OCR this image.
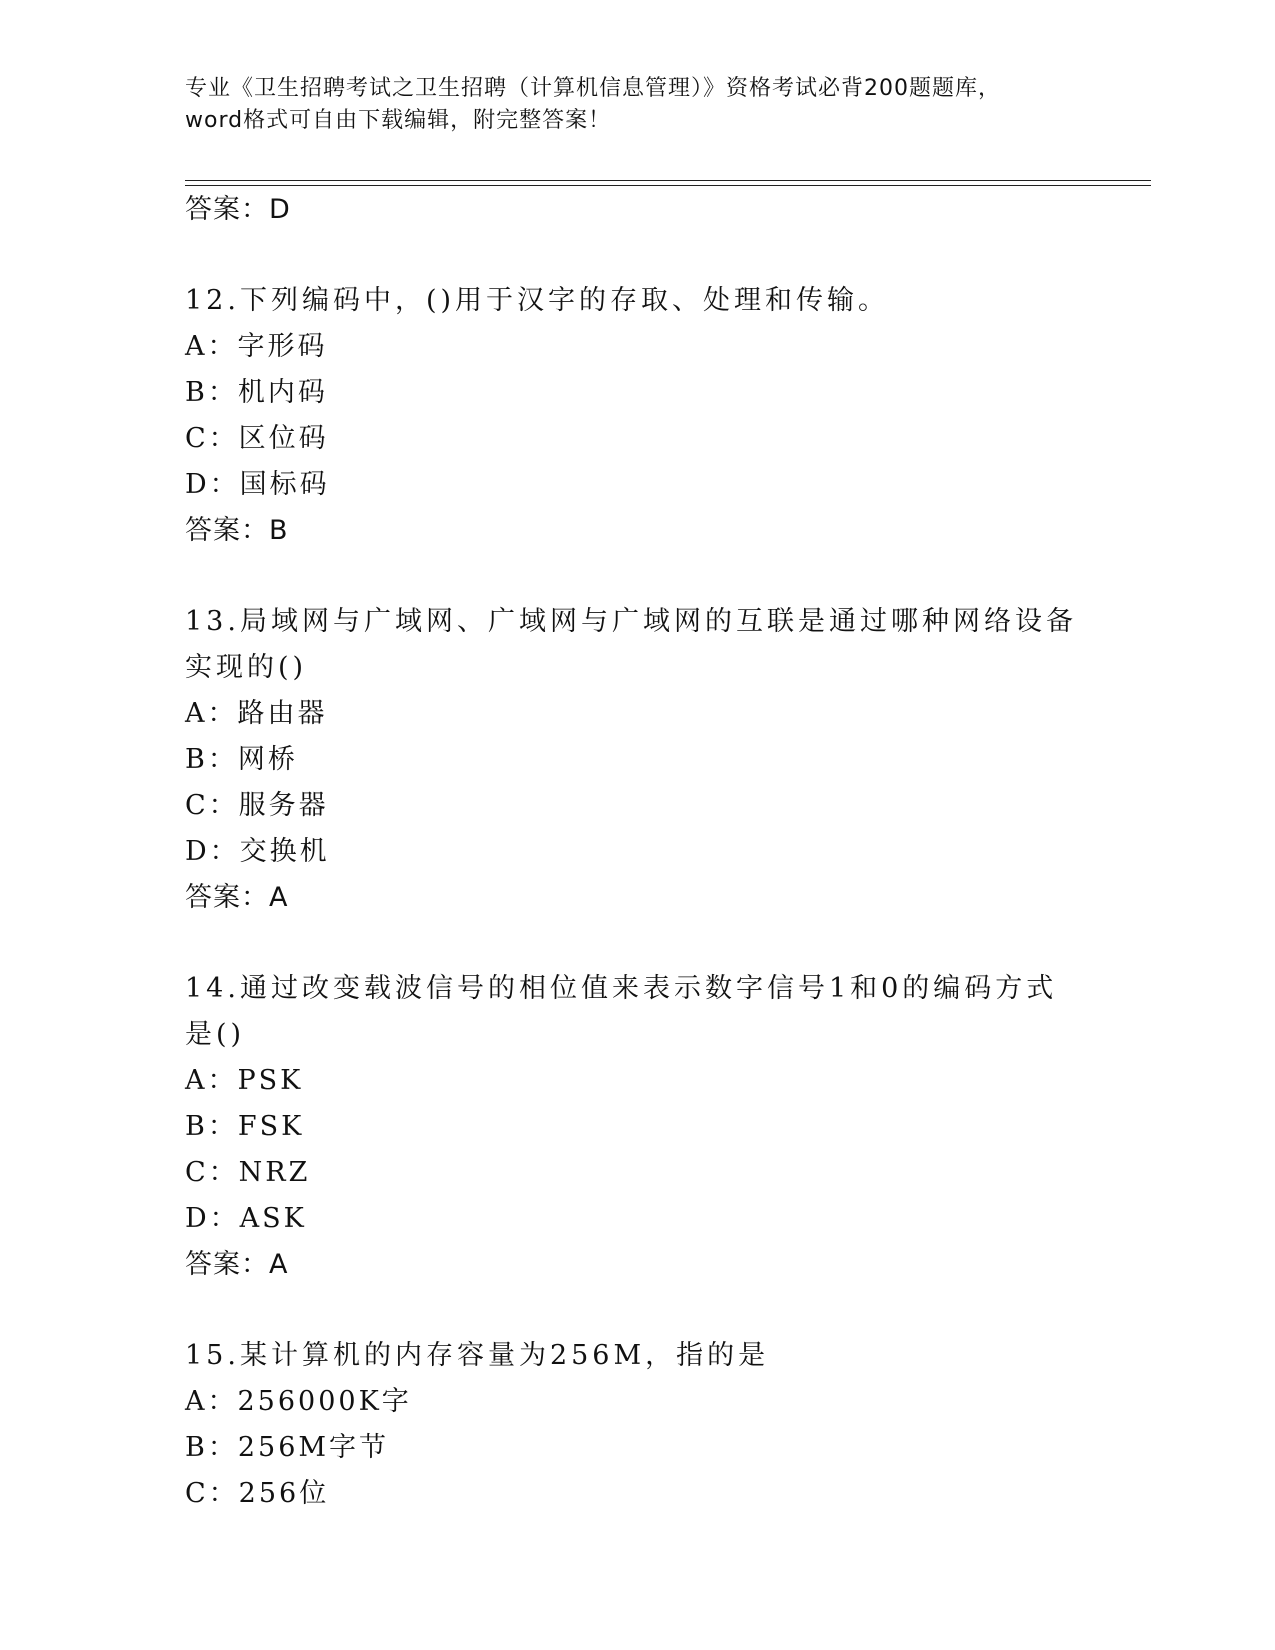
专业《卫生招聘考试之卫生招聘（计算机信息管理）》资格考试必背200题题库，
word格式可自由下载编辑，附完整答案！
答案：D
12.下列编码中，()用于汉字的存取、处理和传输。
A：字形码
B：机内码
C：区位码
D：国标码
答案：B
13.局域网与广域网、广域网与广域网的互联是通过哪种网络设备实现的()
A：路由器
B：网桥
C：服务器
D：交换机
答案：A
14.通过改变载波信号的相位值来表示数字信号1和0的编码方式是()
A：PSK
B：FSK
C：NRZ
D：ASK
答案：A
15.某计算机的内存容量为256M，指的是
A：256000K字
B：256M字节
C：256位
